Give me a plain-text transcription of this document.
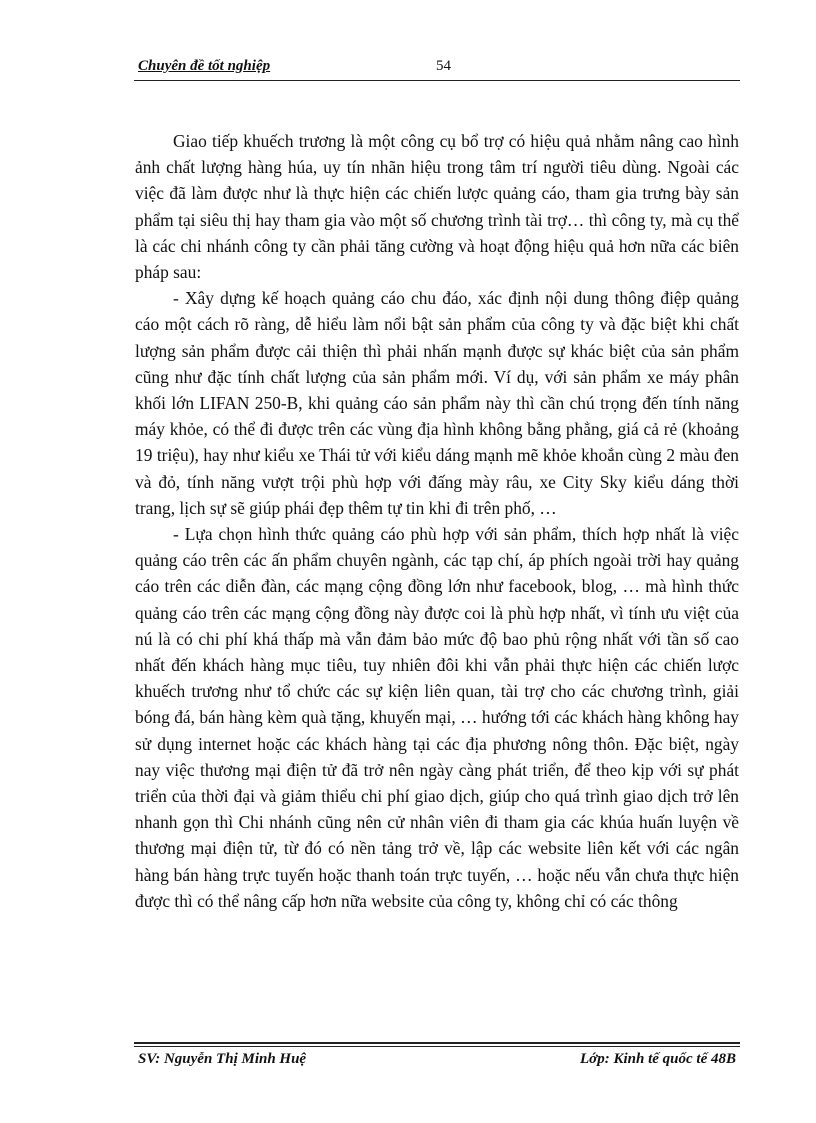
Chuyên đề tốt nghiệp	54

Giao tiếp khuếch trương là một công cụ bổ trợ có hiệu quả nhằm nâng cao hình ảnh chất lượng hàng húa, uy tín nhãn hiệu trong tâm trí người tiêu dùng. Ngoài các việc đã làm được như là thực hiện các chiến lược quảng cáo, tham gia trưng bày sản phẩm tại siêu thị hay tham gia vào một số chương trình tài trợ… thì công ty, mà cụ thể là các chi nhánh công ty cần phải tăng cường và hoạt động hiệu quả hơn nữa các biên pháp sau:

- Xây dựng kế hoạch quảng cáo chu đáo, xác định nội dung thông điệp quảng cáo một cách rõ ràng, dễ hiểu làm nổi bật sản phẩm của công ty và đặc biệt khi chất lượng sản phẩm được cải thiện thì phải nhấn mạnh được sự khác biệt của sản phẩm cũng như đặc tính chất lượng của sản phẩm mới. Ví dụ, với sản phẩm xe máy phân khối lớn LIFAN 250-B, khi quảng cáo sản phẩm này thì cần chú trọng đến tính năng máy khỏe, có thể đi được trên các vùng địa hình không bằng phẳng, giá cả rẻ (khoảng 19 triệu), hay như kiểu xe Thái tử với kiểu dáng mạnh mẽ khỏe khoắn cùng 2 màu đen và đỏ, tính năng vượt trội phù hợp với đấng mày râu, xe City Sky kiểu dáng thời trang, lịch sự sẽ giúp phái đẹp thêm tự tin khi đi trên phố, …

- Lựa chọn hình thức quảng cáo phù hợp với sản phẩm, thích hợp nhất là việc quảng cáo trên các ấn phẩm chuyên ngành, các tạp chí, áp phích ngoài trời hay quảng cáo trên các diễn đàn, các mạng cộng đồng lớn như facebook, blog, … mà hình thức quảng cáo trên các mạng cộng đồng này được coi là phù hợp nhất, vì tính ưu việt của nú là có chi phí khá thấp mà vẫn đảm bảo mức độ bao phủ rộng nhất với tần số cao nhất đến khách hàng mục tiêu, tuy nhiên đôi khi vẫn phải thực hiện các chiến lược khuếch trương như tổ chức các sự kiện liên quan, tài trợ cho các chương trình, giải bóng đá, bán hàng kèm quà tặng, khuyến mại, … hướng tới các khách hàng không hay sử dụng internet hoặc các khách hàng tại các địa phương nông thôn. Đặc biệt, ngày nay việc thương mại điện tử đã trở nên ngày càng phát triển, để theo kịp với sự phát triển của thời đại và giảm thiểu chi phí giao dịch, giúp cho quá trình giao dịch trở lên nhanh gọn thì Chi nhánh cũng nên cử nhân viên đi tham gia các khúa huấn luyện về thương mại điện tử, từ đó có nền tảng trở về, lập các website liên kết với các ngân hàng bán hàng trực tuyến hoặc thanh toán trực tuyến, … hoặc nếu vẫn chưa thực hiện được thì có thể nâng cấp hơn nữa website của công ty, không chỉ có các thông

SV: Nguyễn Thị Minh Huệ	Lớp: Kinh tế quốc tế 48B
